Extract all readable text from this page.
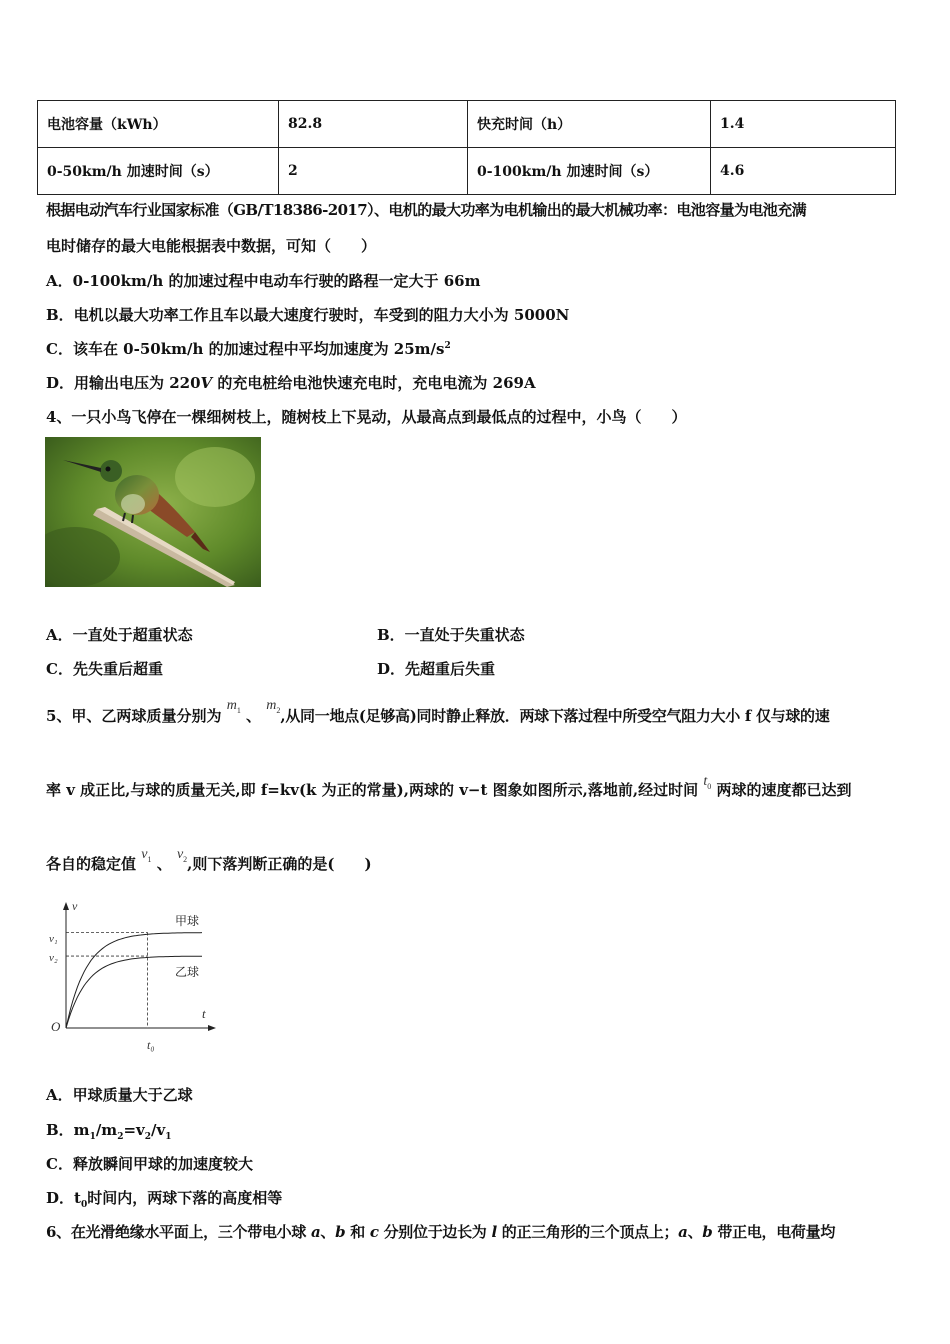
电池容量（kWh）	82.8	快充时间（h）	1.4
0-50km/h 加速时间（s）	2	0-100km/h 加速时间（s）	4.6
根据电动汽车行业国家标准（GB/T18386-2017）、电机的最大功率为电机输出的最大机械功率：电池容量为电池充满
电时储存的最大电能根据表中数据，可知（　　）
A．0-100km/h 的加速过程中电动车行驶的路程一定大于 66m
B．电机以最大功率工作且车以最大速度行驶时，车受到的阻力大小为 5000N
C．该车在 0-50km/h 的加速过程中平均加速度为 $25m/s^2$
D．用输出电压为 220V 的充电桩给电池快速充电时，充电电流为 269A
4、一只小鸟飞停在一棵细树枝上，随树枝上下晃动，从最高点到最低点的过程中，小鸟（　　）
A．一直处于超重状态	B．一直处于失重状态
C．先失重后超重	D．先超重后失重
5、甲、乙两球质量分别为 $m_1$ 、 $m_2$,从同一地点(足够高)同时静止释放．两球下落过程中所受空气阻力大小 f 仅与球的速
率 v 成正比,与球的质量无关,即 f=kv(k 为正的常量),两球的 v−t 图象如图所示,落地前,经过时间 $t_0$ 两球的速度都已达到
各自的稳定值 $v_1$ 、 $v_2$,则下落判断正确的是(　　)
v
t
O
v₁
v₂
t₀
甲球
乙球
A．甲球质量大于乙球
B．$m_1/m_2=v_2/v_1$
C．释放瞬间甲球的加速度较大
D．$t_0$时间内，两球下落的高度相等
6、在光滑绝缘水平面上，三个带电小球 a、b 和 c 分别位于边长为 l 的正三角形的三个顶点上；a、b 带正电，电荷量均
